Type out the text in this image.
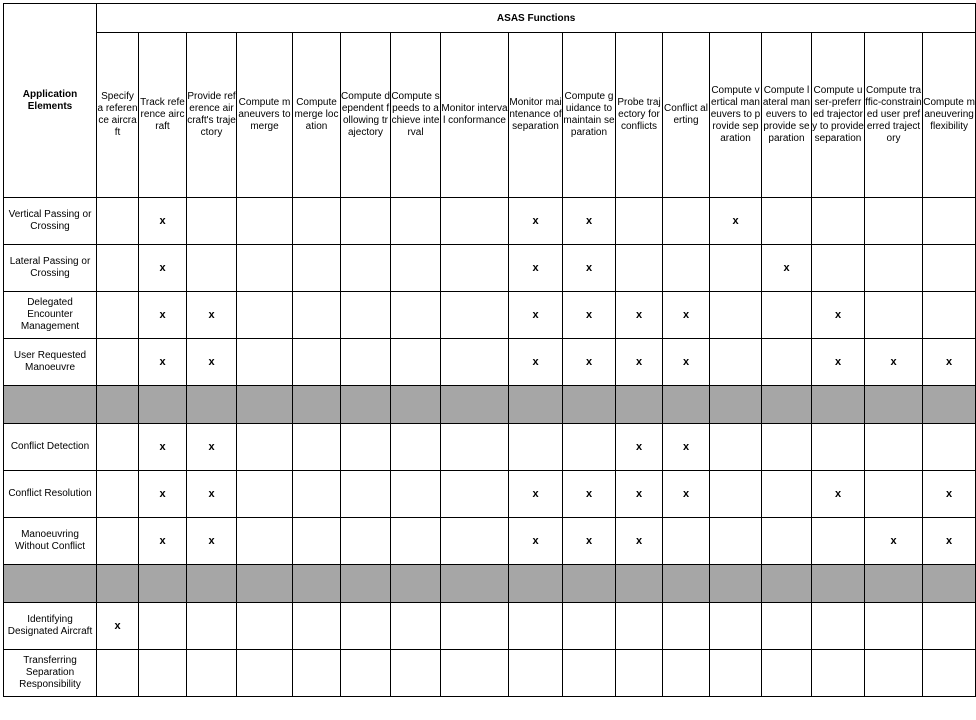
Application Elements	ASAS Functions																
	Specify a reference aircraft	Track reference aircraft	Provide reference aircraft's trajectory	Compute maneuvers to merge	Compute merge location	Compute dependent following trajectory	Compute speeds to achieve interval	Monitor interval conformance	Monitor maintenance of separation	Compute guidance to maintain separation	Probe trajectory for conflicts	Conflict alerting	Compute vertical maneuvers to provide separation	Compute lateral maneuvers to provide separation	Compute user-preferred trajectory to provide separation	Compute traffic-constrained user preferred trajectory	Compute maneuvering flexibility
Vertical Passing or Crossing		x							x	x			x				
Lateral Passing or Crossing		x							x	x				x			
Delegated Encounter Management		x	x						x	x	x	x			x		
User Requested Manoeuvre		x	x						x	x	x	x			x	x	x

Conflict Detection		x	x								x	x					
Conflict Resolution		x	x						x	x	x	x			x		x
Manoeuvring Without Conflict		x	x						x	x	x					x	x

Identifying Designated Aircraft	x																
Transferring Separation Responsibility																	
